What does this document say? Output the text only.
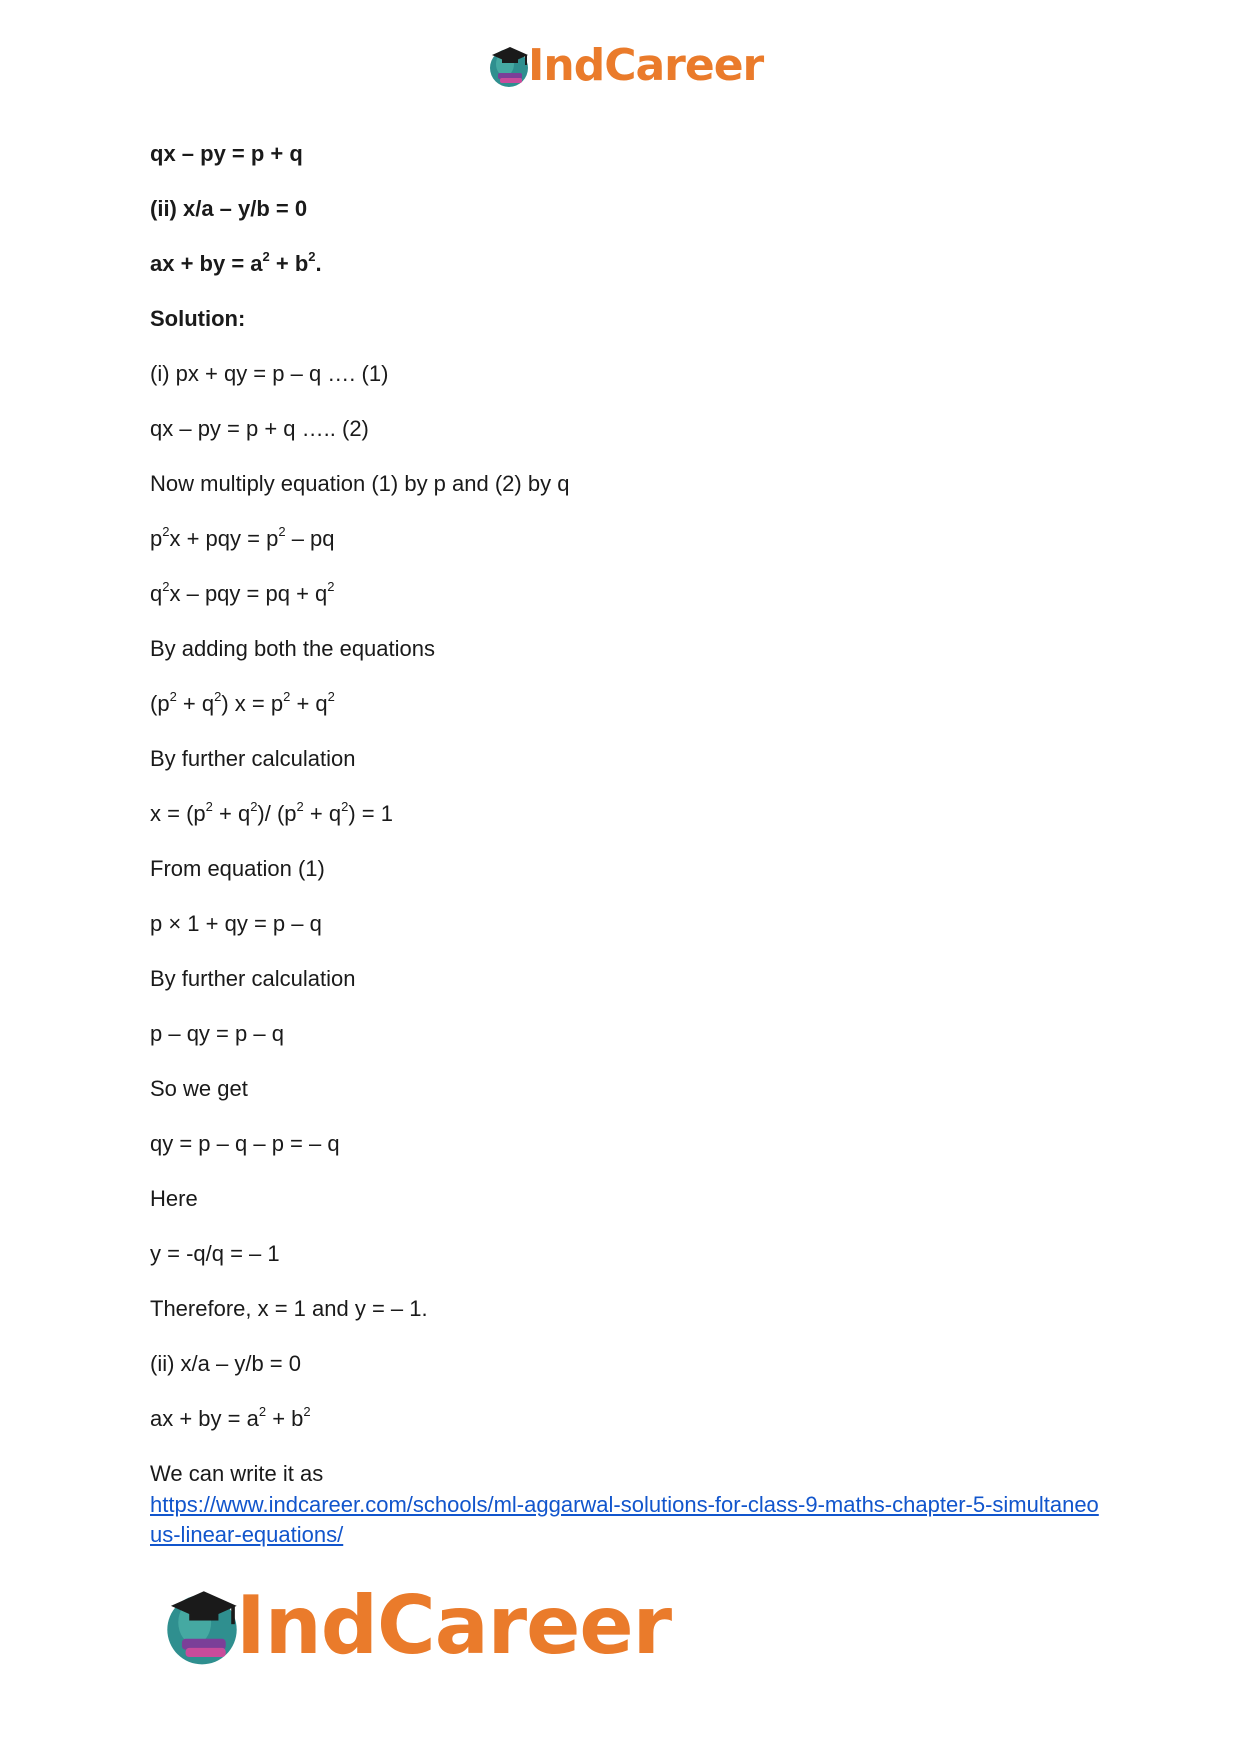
IndCareer
qx – py = p + q
(ii) x/a – y/b = 0
ax + by = $a^2 + b^2$.
Solution:
(i) px + qy = p – q …. (1)
qx – py = p + q ….. (2)
Now multiply equation (1) by p and (2) by q
$p^2x$ + pqy = $p^2$ – pq
$q^2x$ – pqy = pq + $q^2$
By adding both the equations
$(p^2 + q^2) x = p^2 + q^2$
By further calculation
$x = (p^2 + q^2)/$ $(p^2 + q^2) = 1$
From equation (1)
p × 1 + qy = p – q
By further calculation
p – qy = p – q
So we get
qy = p – q – p = – q
Here
y = -q/q = – 1
Therefore, x = 1 and y = – 1.
(ii) x/a – y/b = 0
ax + by = $a^2 + b^2$
We can write it as
https://www.indcareer.com/schools/ml-aggarwal-solutions-for-class-9-maths-chapter-5-simultaneous-linear-equations/
IndCareer
